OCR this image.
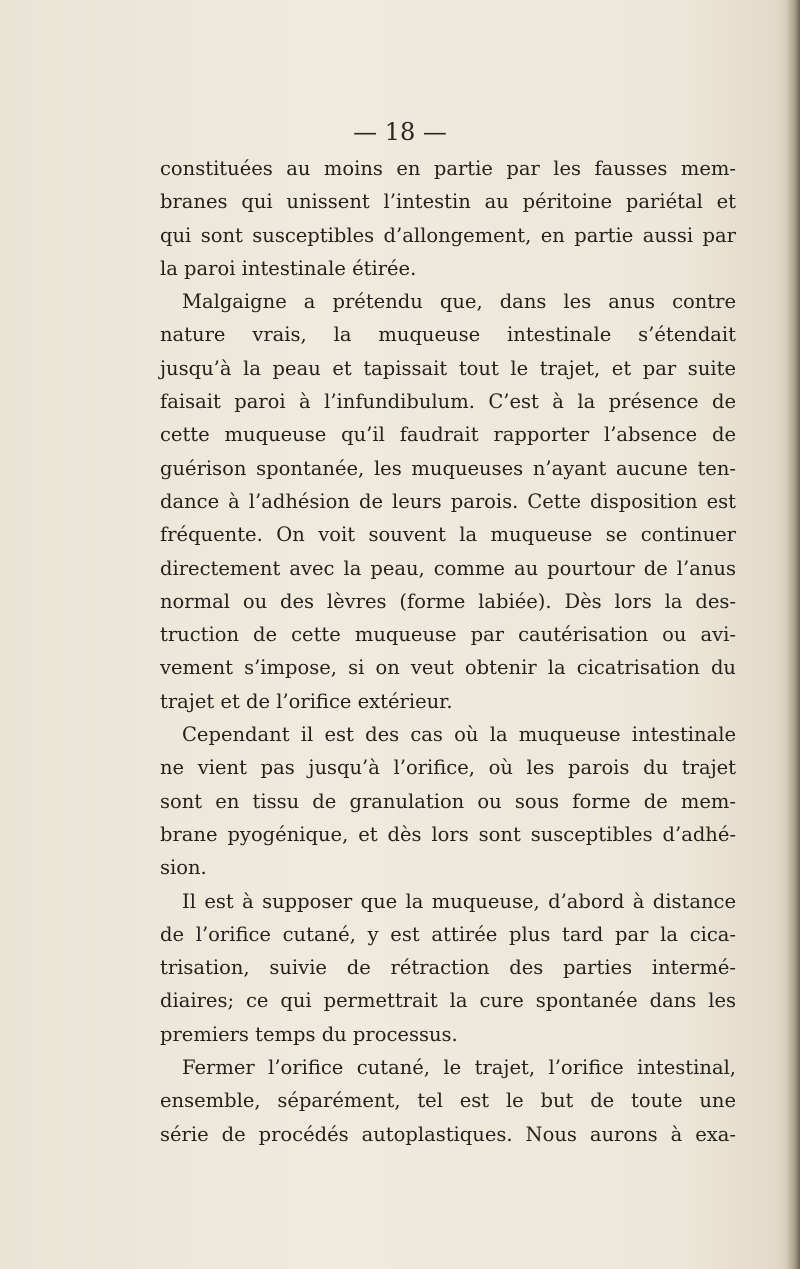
— 18 —
constituées au moins en partie par les fausses mem-
branes qui unissent l’intestin au péritoine pariétal et
qui sont susceptibles d’allongement, en partie aussi par
la paroi intestinale étirée.
Malgaigne a prétendu que, dans les anus contre
nature vrais, la muqueuse intestinale s’étendait
jusqu’à la peau et tapissait tout le trajet, et par suite
faisait paroi à l’infundibulum. C’est à la présence de
cette muqueuse qu’il faudrait rapporter l’absence de
guérison spontanée, les muqueuses n’ayant aucune ten-
dance à l’adhésion de leurs parois. Cette disposition est
fréquente. On voit souvent la muqueuse se continuer
directement avec la peau, comme au pourtour de l’anus
normal ou des lèvres (forme labiée). Dès lors la des-
truction de cette muqueuse par cautérisation ou avi-
vement s’impose, si on veut obtenir la cicatrisation du
trajet et de l’orifice extérieur.
Cependant il est des cas où la muqueuse intestinale
ne vient pas jusqu’à l’orifice, où les parois du trajet
sont en tissu de granulation ou sous forme de mem-
brane pyogénique, et dès lors sont susceptibles d’adhé-
sion.
Il est à supposer que la muqueuse, d’abord à distance
de l’orifice cutané, y est attirée plus tard par la cica-
trisation, suivie de rétraction des parties intermé-
diaires; ce qui permettrait la cure spontanée dans les
premiers temps du processus.
Fermer l’orifice cutané, le trajet, l’orifice intestinal,
ensemble, séparément, tel est le but de toute une
série de procédés autoplastiques. Nous aurons à exa-
